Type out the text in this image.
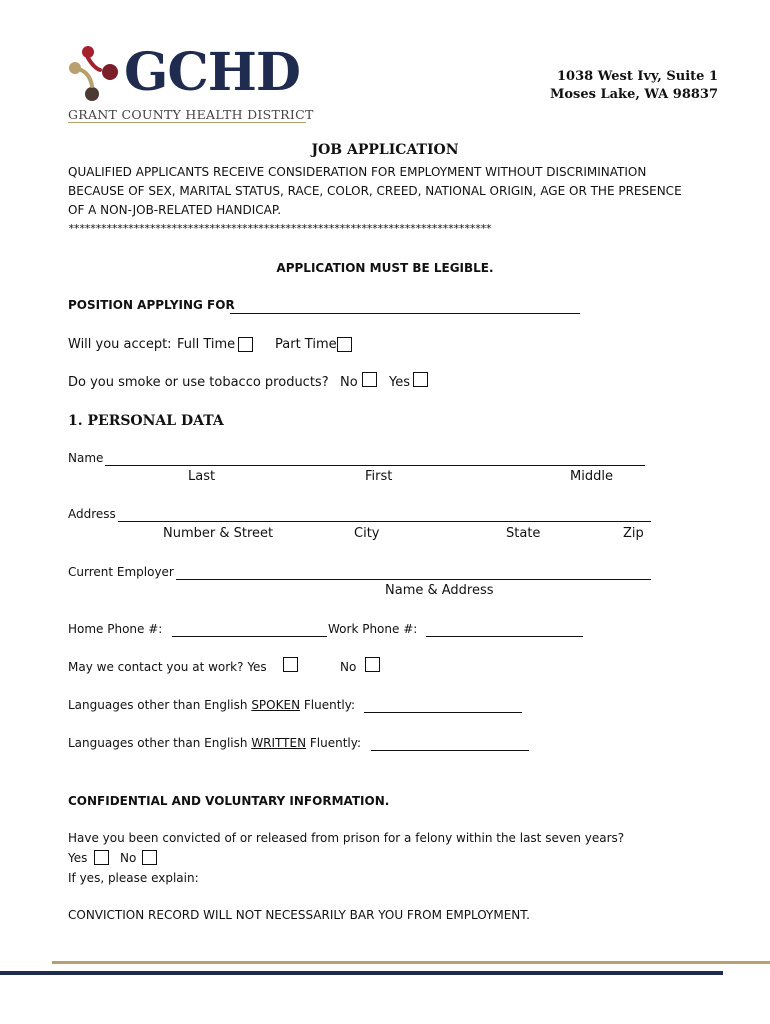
GCHD
GRANT COUNTY HEALTH DISTRICT
1038 West Ivy, Suite 1
Moses Lake, WA 98837
JOB APPLICATION
QUALIFIED APPLICANTS RECEIVE CONSIDERATION FOR EMPLOYMENT WITHOUT DISCRIMINATION
BECAUSE OF SEX, MARITAL STATUS, RACE, COLOR, CREED, NATIONAL ORIGIN, AGE OR THE PRESENCE
OF A NON-JOB-RELATED HANDICAP.
******************************************************************************
APPLICATION MUST BE LEGIBLE.
POSITION APPLYING FOR
Will you accept: Full Time	Part Time
Do you smoke or use tobacco products? No Yes
1. PERSONAL DATA
Name
Last	First	Middle
Address
Number & Street	City	State	Zip
Current Employer
Name & Address
Home Phone #:	Work Phone #:
May we contact you at work? Yes	No
Languages other than English SPOKEN Fluently:
Languages other than English WRITTEN Fluently:
CONFIDENTIAL AND VOLUNTARY INFORMATION.
Have you been convicted of or released from prison for a felony within the last seven years?
Yes	No
If yes, please explain:
CONVICTION RECORD WILL NOT NECESSARILY BAR YOU FROM EMPLOYMENT.
